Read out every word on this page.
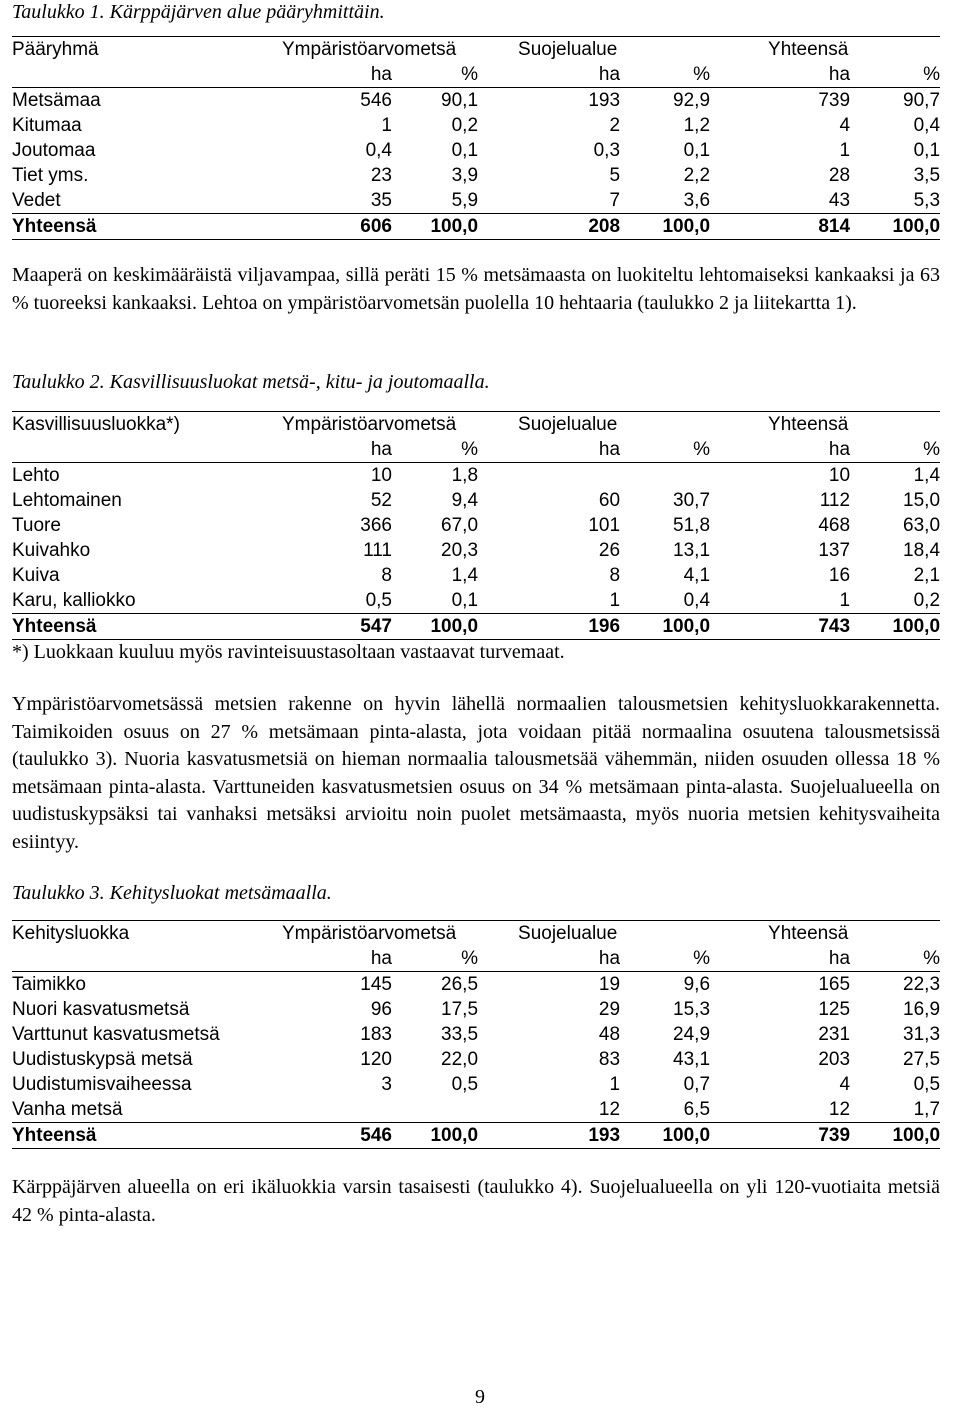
Taulukko 1. Kärppäjärven alue pääryhmittäin.

Pääryhmä	Ympäristöarvometsä		Suojelualue		Yhteensä	
	ha	%	ha	%	ha	%
Metsämaa	546	90,1	193	92,9	739	90,7
Kitumaa	1	0,2	2	1,2	4	0,4
Joutomaa	0,4	0,1	0,3	0,1	1	0,1
Tiet yms.	23	3,9	5	2,2	28	3,5
Vedet	35	5,9	7	3,6	43	5,3
Yhteensä	606	100,0	208	100,0	814	100,0

Maaperä on keskimääräistä viljavampaa, sillä peräti 15 % metsämaasta on luokiteltu lehtomaiseksi kankaaksi ja 63 % tuoreeksi kankaaksi. Lehtoa on ympäristöarvometsän puolella 10 hehtaaria (taulukko 2 ja liitekartta 1).

Taulukko 2. Kasvillisuusluokat metsä-, kitu- ja joutomaalla.

Kasvillisuusluokka*)	Ympäristöarvometsä		Suojelualue		Yhteensä	
	ha	%	ha	%	ha	%
Lehto	10	1,8			10	1,4
Lehtomainen	52	9,4	60	30,7	112	15,0
Tuore	366	67,0	101	51,8	468	63,0
Kuivahko	111	20,3	26	13,1	137	18,4
Kuiva	8	1,4	8	4,1	16	2,1
Karu, kalliokko	0,5	0,1	1	0,4	1	0,2
Yhteensä	547	100,0	196	100,0	743	100,0

*) Luokkaan kuuluu myös ravinteisuustasoltaan vastaavat turvemaat.

Ympäristöarvometsässä metsien rakenne on hyvin lähellä normaalien talousmetsien kehitysluokkarakennetta. Taimikoiden osuus on 27 % metsämaan pinta-alasta, jota voidaan pitää normaalina osuutena talousmetsissä (taulukko 3). Nuoria kasvatusmetsiä on hieman normaalia talousmetsää vähemmän, niiden osuuden ollessa 18 % metsämaan pinta-alasta. Varttuneiden kasvatusmetsien osuus on 34 % metsämaan pinta-alasta. Suojelualueella on uudistuskypsäksi tai vanhaksi metsäksi arvioitu noin puolet metsämaasta, myös nuoria metsien kehitysvaiheita esiintyy.

Taulukko 3. Kehitysluokat metsämaalla.

Kehitysluokka	Ympäristöarvometsä		Suojelualue		Yhteensä	
	ha	%	ha	%	ha	%
Taimikko	145	26,5	19	9,6	165	22,3
Nuori kasvatusmetsä	96	17,5	29	15,3	125	16,9
Varttunut kasvatusmetsä	183	33,5	48	24,9	231	31,3
Uudistuskypsä metsä	120	22,0	83	43,1	203	27,5
Uudistumisvaiheessa	3	0,5	1	0,7	4	0,5
Vanha metsä			12	6,5	12	1,7
Yhteensä	546	100,0	193	100,0	739	100,0

Kärppäjärven alueella on eri ikäluokkia varsin tasaisesti (taulukko 4). Suojelualueella on yli 120-vuotiaita metsiä 42 % pinta-alasta.

9
